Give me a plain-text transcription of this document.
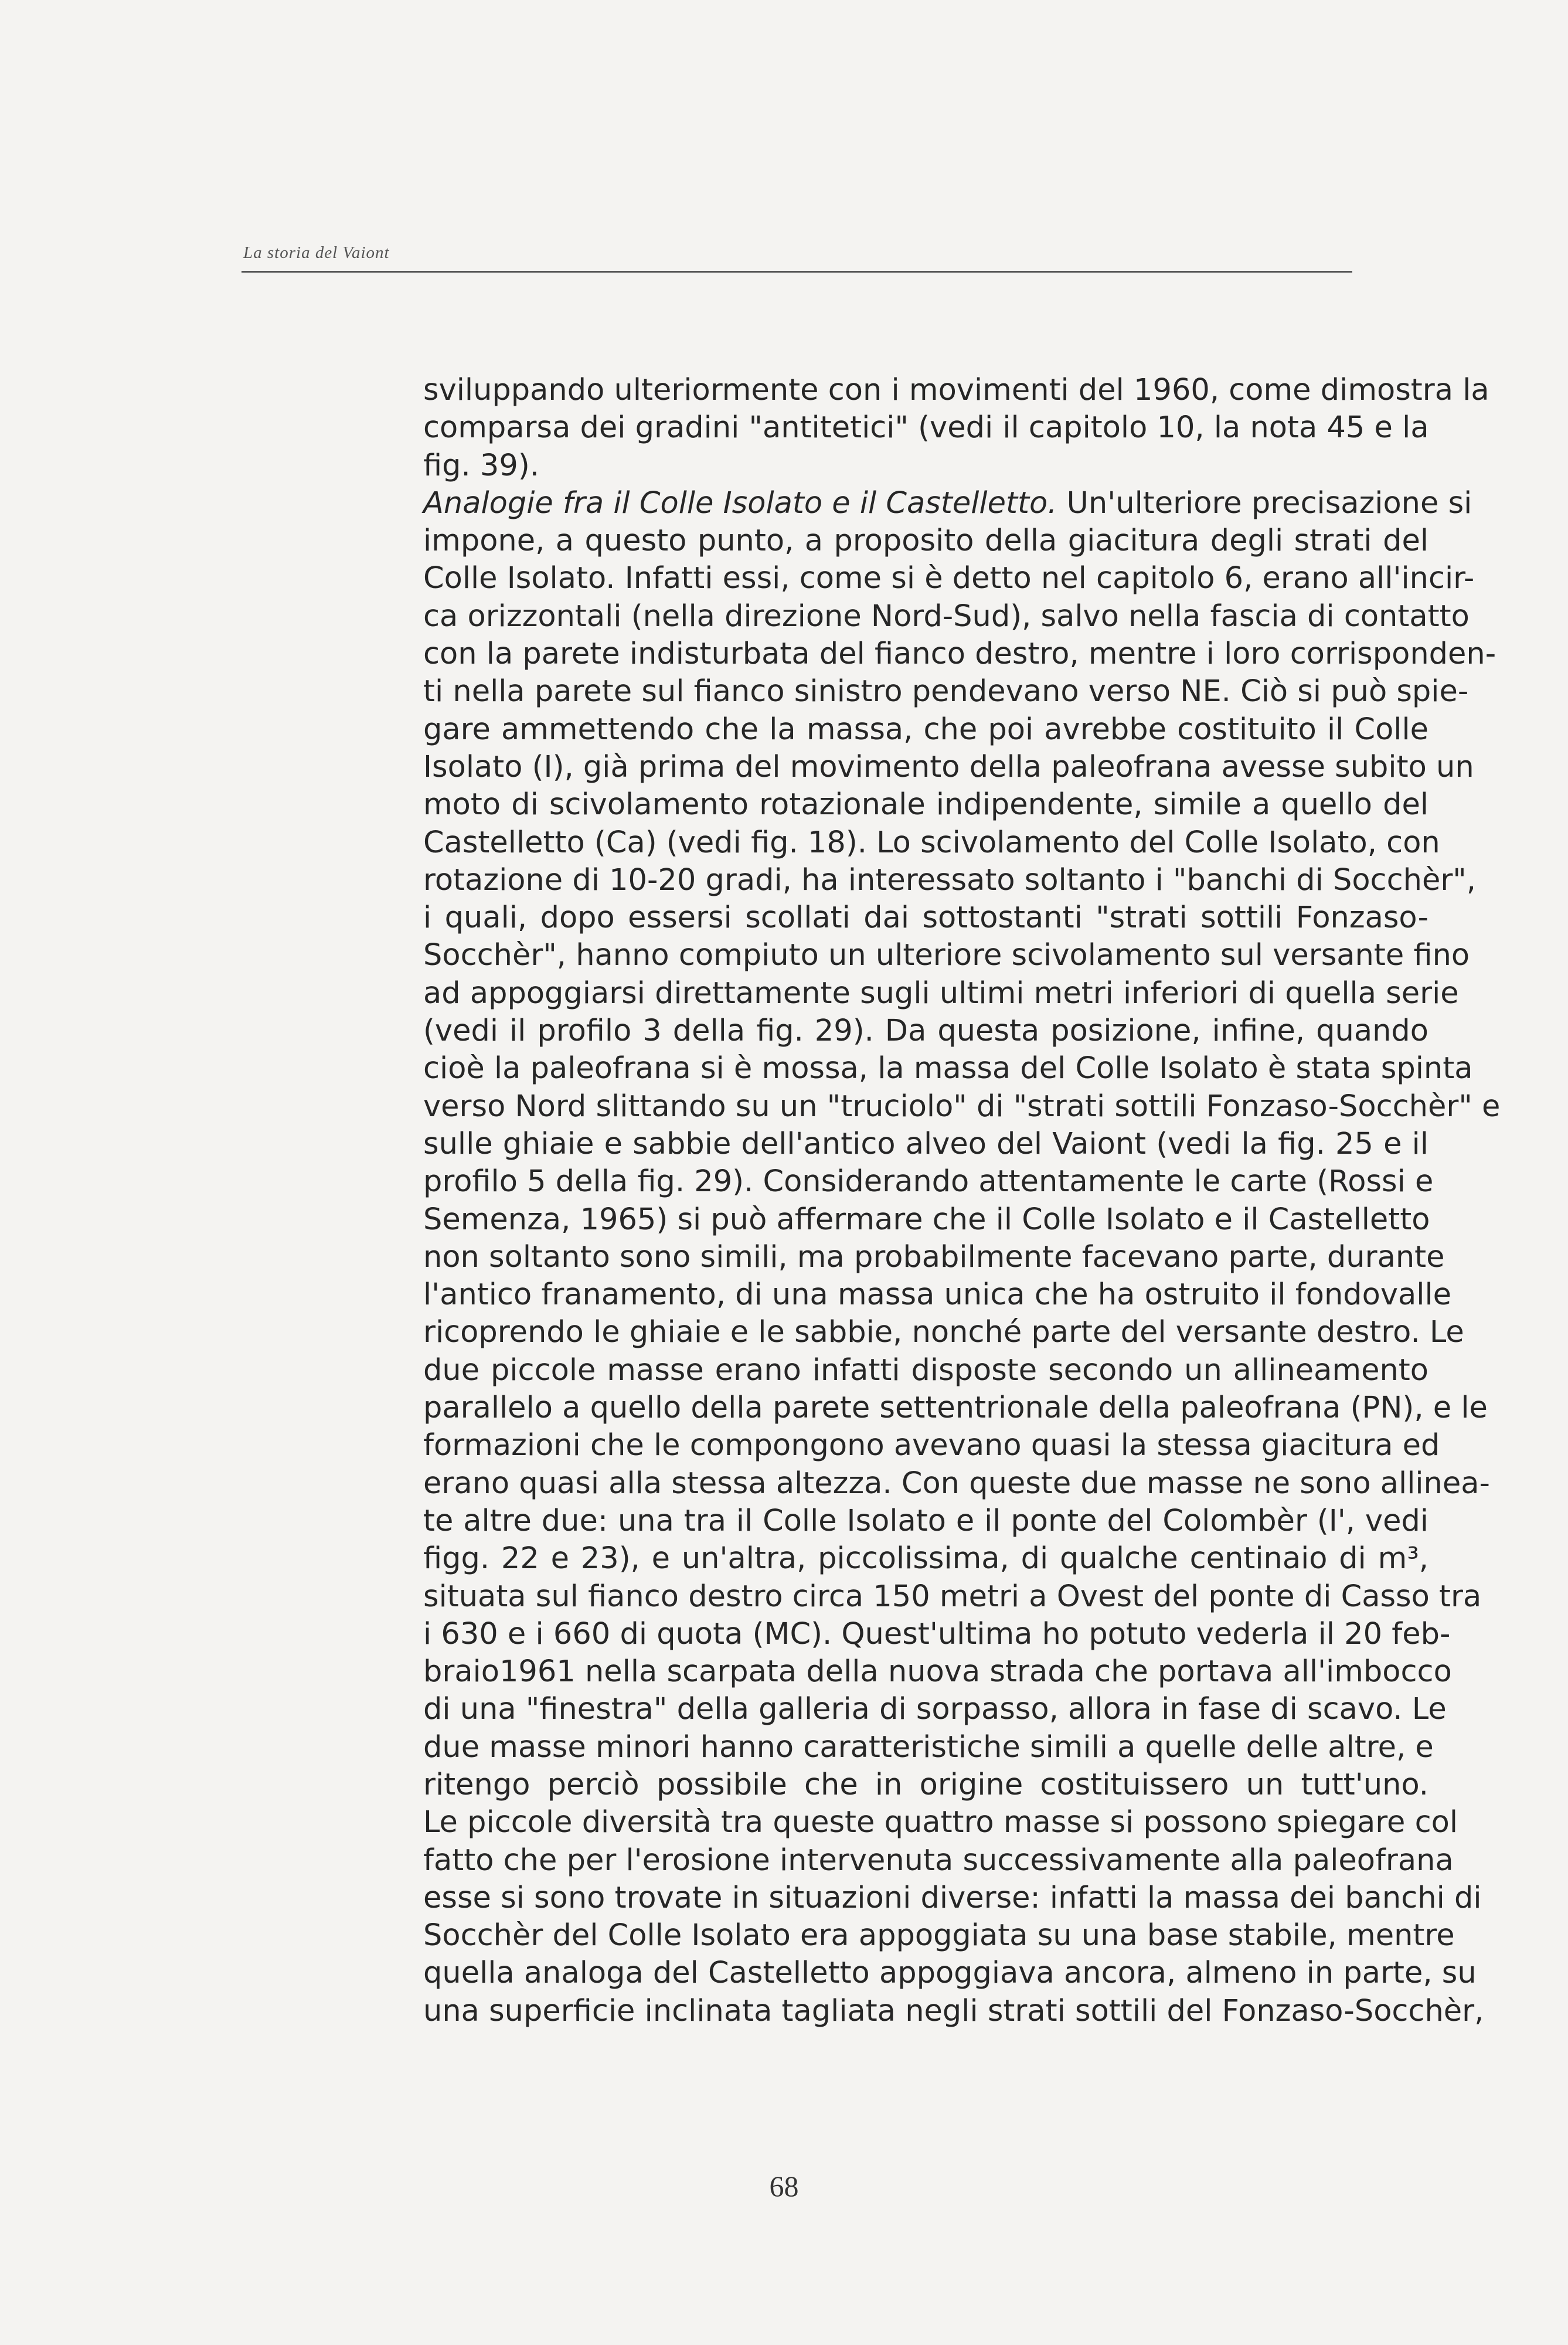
La storia del Vaiont
sviluppando ulteriormente con i movimenti del 1960, come dimostra la
comparsa dei gradini "antitetici" (vedi il capitolo 10, la nota 45 e la
fig. 39).
Analogie fra il Colle Isolato e il Castelletto. Un'ulteriore precisazione si
impone, a questo punto, a proposito della giacitura degli strati del
Colle Isolato. Infatti essi, come si è detto nel capitolo 6, erano all'incir-
ca orizzontali (nella direzione Nord-Sud), salvo nella fascia di contatto
con la parete indisturbata del fianco destro, mentre i loro corrisponden-
ti nella parete sul fianco sinistro pendevano verso NE. Ciò si può spie-
gare ammettendo che la massa, che poi avrebbe costituito il Colle
Isolato (I), già prima del movimento della paleofrana avesse subito un
moto di scivolamento rotazionale indipendente, simile a quello del
Castelletto (Ca) (vedi fig. 18). Lo scivolamento del Colle Isolato, con
rotazione di 10-20 gradi, ha interessato soltanto i "banchi di Socchèr",
i quali, dopo essersi scollati dai sottostanti "strati sottili Fonzaso-
Socchèr", hanno compiuto un ulteriore scivolamento sul versante fino
ad appoggiarsi direttamente sugli ultimi metri inferiori di quella serie
(vedi il profilo 3 della fig. 29). Da questa posizione, infine, quando
cioè la paleofrana si è mossa, la massa del Colle Isolato è stata spinta
verso Nord slittando su un "truciolo" di "strati sottili Fonzaso-Socchèr" e
sulle ghiaie e sabbie dell'antico alveo del Vaiont (vedi la fig. 25 e il
profilo 5 della fig. 29). Considerando attentamente le carte (Rossi e
Semenza, 1965) si può affermare che il Colle Isolato e il Castelletto
non soltanto sono simili, ma probabilmente facevano parte, durante
l'antico franamento, di una massa unica che ha ostruito il fondovalle
ricoprendo le ghiaie e le sabbie, nonché parte del versante destro. Le
due piccole masse erano infatti disposte secondo un allineamento
parallelo a quello della parete settentrionale della paleofrana (PN), e le
formazioni che le compongono avevano quasi la stessa giacitura ed
erano quasi alla stessa altezza. Con queste due masse ne sono allinea-
te altre due: una tra il Colle Isolato e il ponte del Colombèr (I', vedi
figg. 22 e 23), e un'altra, piccolissima, di qualche centinaio di m³,
situata sul fianco destro circa 150 metri a Ovest del ponte di Casso tra
i 630 e i 660 di quota (MC). Quest'ultima ho potuto vederla il 20 feb-
braio1961 nella scarpata della nuova strada che portava all'imbocco
di una "finestra" della galleria di sorpasso, allora in fase di scavo. Le
due masse minori hanno caratteristiche simili a quelle delle altre, e
ritengo perciò possibile che in origine costituissero un tutt'uno.
Le piccole diversità tra queste quattro masse si possono spiegare col
fatto che per l'erosione intervenuta successivamente alla paleofrana
esse si sono trovate in situazioni diverse: infatti la massa dei banchi di
Socchèr del Colle Isolato era appoggiata su una base stabile, mentre
quella analoga del Castelletto appoggiava ancora, almeno in parte, su
una superficie inclinata tagliata negli strati sottili del Fonzaso-Socchèr,
68
